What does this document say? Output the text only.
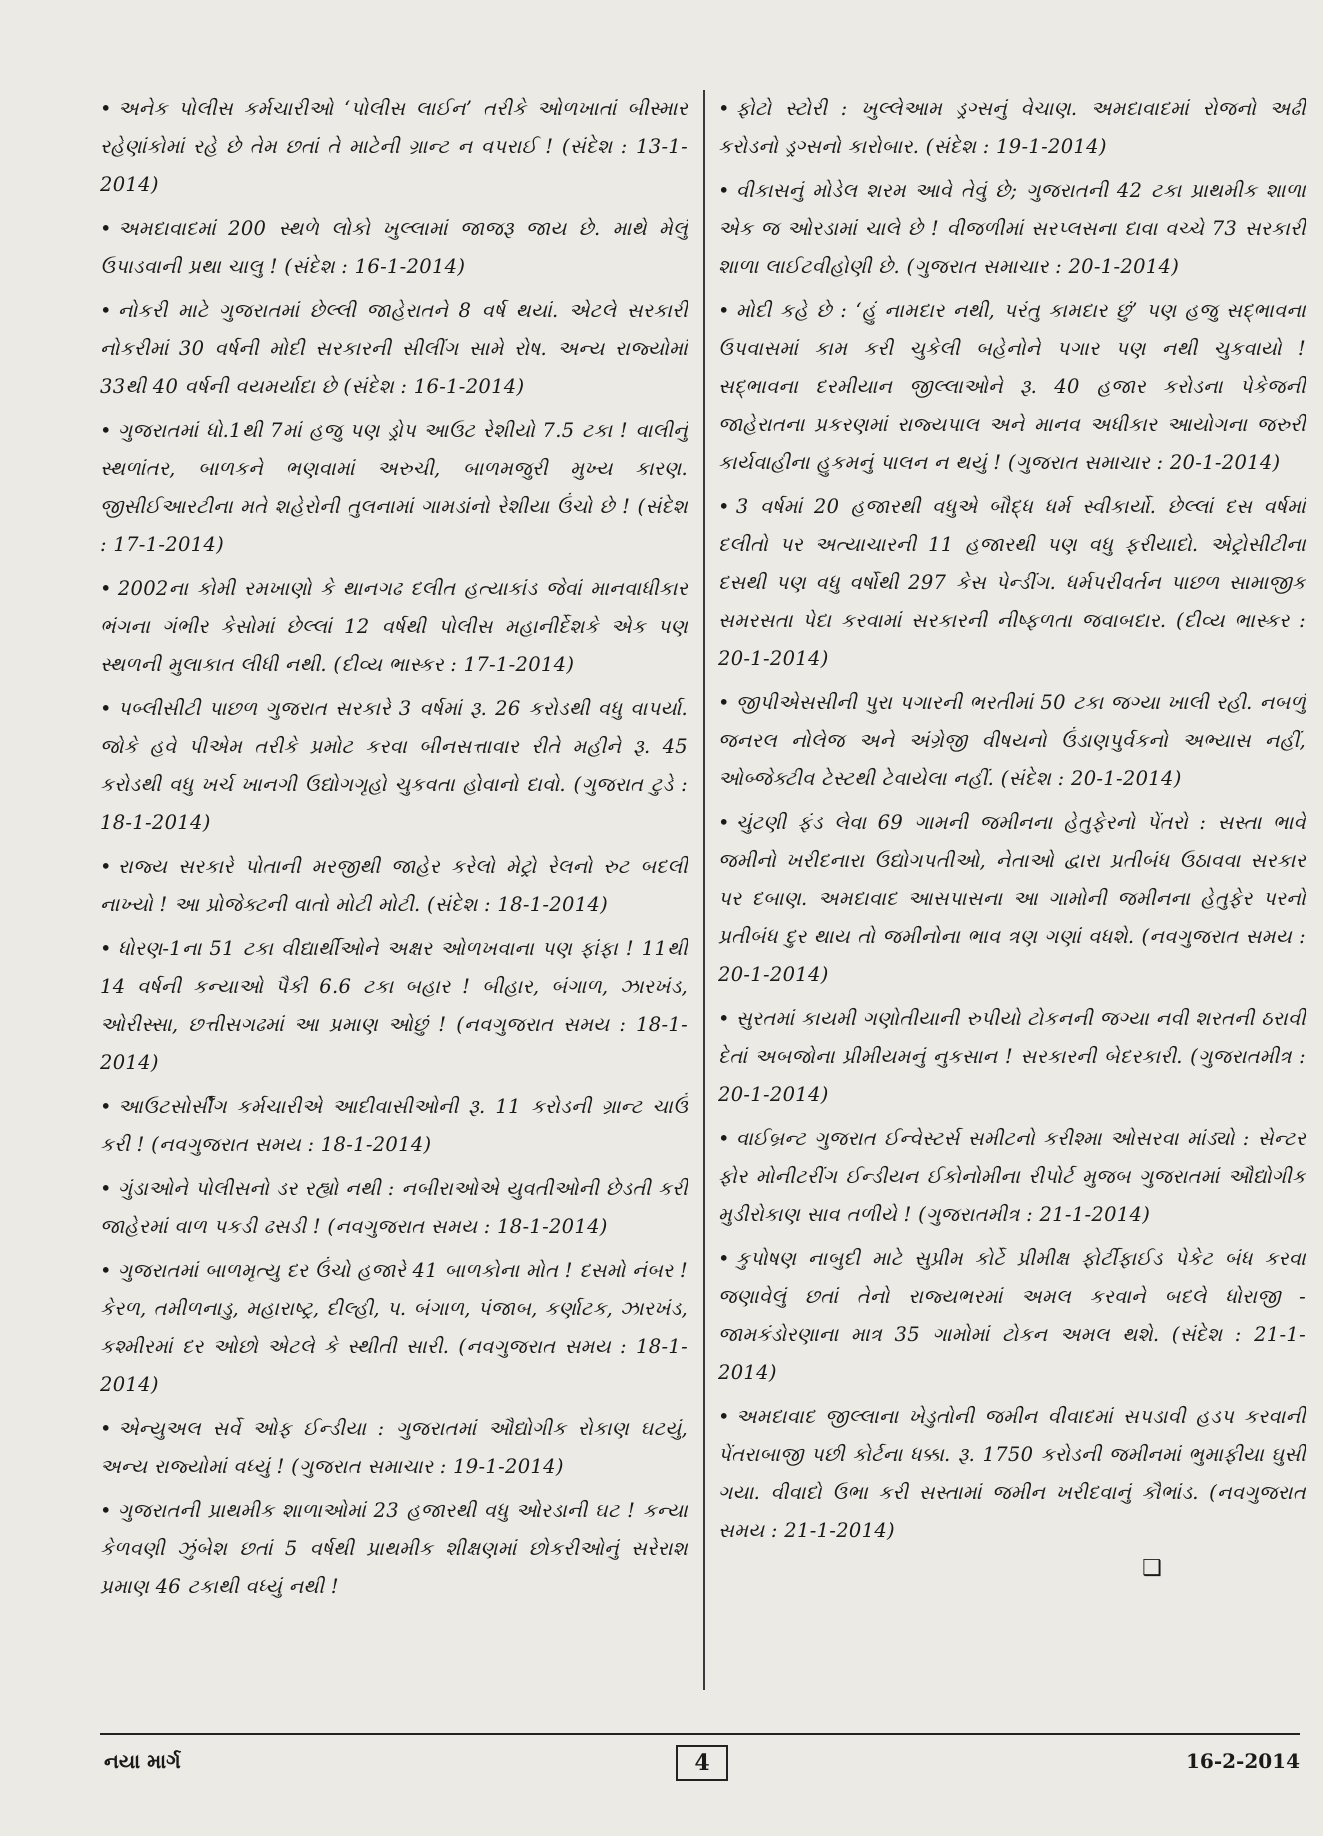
• અનેક પોલીસ કર્મચારીઓ ‘પોલીસ લાઈન’ તરીકે ઓળખાતાં બીસ્માર રહેણાંકોમાં રહે છે તેમ છતાં તે માટેની ગ્રાન્ટ ન વપરાઈ ! (સંદેશ : 13-1-2014)

• અમદાવાદમાં 200 સ્થળે લોકો ખુલ્લામાં જાજરૂ જાય છે. માથે મેલું ઉપાડવાની પ્રથા ચાલુ ! (સંદેશ : 16-1-2014)

• નોકરી માટે ગુજરાતમાં છેલ્લી જાહેરાતને 8 વર્ષ થયાં. એટલે સરકારી નોકરીમાં 30 વર્ષની મોદી સરકારની સીલીંગ સામે રોષ. અન્ય રાજ્યોમાં 33થી 40 વર્ષની વયમર્યાદા છે (સંદેશ : 16-1-2014)

• ગુજરાતમાં ધો.1થી 7માં હજુ પણ ડ્રોપ આઉટ રેશીયો 7.5 ટકા ! વાલીનું સ્થળાંતર, બાળકને ભણવામાં અરુચી, બાળમજુરી મુખ્ય કારણ. જીસીઈઆરટીના મતે શહેરોની તુલનામાં ગામડાંનો રેશીયા ઉંચો છે ! (સંદેશ : 17-1-2014)

• 2002ના કોમી રમખાણો કે થાનગઢ દલીત હત્યાકાંડ જેવાં માનવાધીકાર ભંગના ગંભીર કેસોમાં છેલ્લાં 12 વર્ષથી પોલીસ મહાનીર્દેશકે એક પણ સ્થળની મુલાકાત લીધી નથી. (દીવ્ય ભાસ્કર : 17-1-2014)

• પબ્લીસીટી પાછળ ગુજરાત સરકારે 3 વર્ષમાં રૂ. 26 કરોડથી વધુ વાપર્યા. જોકે હવે પીએમ તરીકે પ્રમોટ કરવા બીનસત્તાવાર રીતે મહીને રૂ. 45 કરોડથી વધુ ખર્ચ ખાનગી ઉદ્યોગગૃહો ચુકવતા હોવાનો દાવો. (ગુજરાત ટુડે : 18-1-2014)

• રાજ્ય સરકારે પોતાની મરજીથી જાહેર કરેલો મેટ્રો રેલનો રુટ બદલી નાખ્યો ! આ પ્રોજેક્ટની વાતો મોટી મોટી. (સંદેશ : 18-1-2014)

• ધોરણ-1ના 51 ટકા વીદ્યાર્થીઓને અક્ષર ઓળખવાના પણ ફાંફા ! 11થી 14 વર્ષની કન્યાઓ પૈકી 6.6 ટકા બહાર ! બીહાર, બંગાળ, ઝારખંડ, ઓરીસ્સા, છત્તીસગઢમાં આ પ્રમાણ ઓછું ! (નવગુજરાત સમય : 18-1-2014)

• આઉટસોર્સીંગ કર્મચારીએ આદીવાસીઓની રૂ. 11 કરોડની ગ્રાન્ટ ચાઉં કરી ! (નવગુજરાત સમય : 18-1-2014)

• ગુંડાઓને પોલીસનો ડર રહ્યો નથી : નબીરાઓએ યુવતીઓની છેડતી કરી જાહેરમાં વાળ પકડી ઢસડી ! (નવગુજરાત સમય : 18-1-2014)

• ગુજરાતમાં બાળમૃત્યુ દર ઉંચો હજારે 41 બાળકોના મોત ! દસમો નંબર ! કેરળ, તમીળનાડુ, મહારાષ્ટ્ર, દીલ્હી, પ. બંગાળ, પંજાબ, કર્ણાટક, ઝારખંડ, કશ્મીરમાં દર ઓછો એટલે કે સ્થીતી સારી. (નવગુજરાત સમય : 18-1-2014)

• એન્યુઅલ સર્વે ઓફ ઈન્ડીયા : ગુજરાતમાં ઔદ્યોગીક રોકાણ ઘટયું, અન્ય રાજ્યોમાં વધ્યું ! (ગુજરાત સમાચાર : 19-1-2014)

• ગુજરાતની પ્રાથમીક શાળાઓમાં 23 હજારથી વધુ ઓરડાની ઘટ ! કન્યા કેળવણી ઝુંબેશ છતાં 5 વર્ષથી પ્રાથમીક શીક્ષણમાં છોકરીઓનું સરેરાશ પ્રમાણ 46 ટકાથી વધ્યું નથી !

• ફોટો સ્ટોરી : ખુલ્લેઆમ ડ્રગ્સનું વેચાણ. અમદાવાદમાં રોજનો અઢી કરોડનો ડ્રગ્સનો કારોબાર. (સંદેશ : 19-1-2014)

• વીકાસનું મોડેલ શરમ આવે તેવું છે; ગુજરાતની 42 ટકા પ્રાથમીક શાળા એક જ ઓરડામાં ચાલે છે ! વીજળીમાં સરપ્લસના દાવા વચ્ચે 73 સરકારી શાળા લાઈટવીહોણી છે. (ગુજરાત સમાચાર : 20-1-2014)

• મોદી કહે છે : ‘હું નામદાર નથી, પરંતુ કામદાર છું’ પણ હજુ સદ્ભાવના ઉપવાસમાં કામ કરી ચુકેલી બહેનોને પગાર પણ નથી ચુકવાયો ! સદ્ભાવના દરમીયાન જીલ્લાઓને રૂ. 40 હજાર કરોડના પેકેજની જાહેરાતના પ્રકરણમાં રાજ્યપાલ અને માનવ અધીકાર આયોગના જરુરી કાર્યવાહીના હુકમનું પાલન ન થયું ! (ગુજરાત સમાચાર : 20-1-2014)

• 3 વર્ષમાં 20 હજારથી વધુએ બૌદ્ધ ધર્મ સ્વીકાર્યો. છેલ્લાં દસ વર્ષમાં દલીતો પર અત્યાચારની 11 હજારથી પણ વધુ ફરીયાદો. એટ્રોસીટીના દસથી પણ વધુ વર્ષોથી 297 કેસ પેન્ડીંગ. ધર્મપરીવર્તન પાછળ સામાજીક સમરસતા પેદા કરવામાં સરકારની નીષ્ફળતા જવાબદાર. (દીવ્ય ભાસ્કર : 20-1-2014)

• જીપીએસસીની પુરા પગારની ભરતીમાં 50 ટકા જગ્યા ખાલી રહી. નબળું જનરલ નોલેજ અને અંગ્રેજી વીષયનો ઉંડાણપુર્વકનો અભ્યાસ નહીં, ઓબ્જેક્ટીવ ટેસ્ટથી ટેવાયેલા નહીં. (સંદેશ : 20-1-2014)

• ચુંટણી ફંડ લેવા 69 ગામની જમીનના હેતુફેરનો પેંતરો : સસ્તા ભાવે જમીનો ખરીદનારા ઉદ્યોગપતીઓ, નેતાઓ દ્વારા પ્રતીબંધ ઉઠાવવા સરકાર પર દબાણ. અમદાવાદ આસપાસના આ ગામોની જમીનના હેતુફેર પરનો પ્રતીબંધ દુર થાય તો જમીનોના ભાવ ત્રણ ગણાં વધશે. (નવગુજરાત સમય : 20-1-2014)

• સુરતમાં કાયમી ગણોતીયાની રુપીયો ટોકનની જગ્યા નવી શરતની ઠરાવી દેતાં અબજોના પ્રીમીયમનું નુકસાન ! સરકારની બેદરકારી. (ગુજરાતમીત્ર : 20-1-2014)

• વાઈબ્રન્ટ ગુજરાત ઈન્વેસ્ટર્સ સમીટનો કરીશ્મા ઓસરવા માંડ્યો : સેન્ટર ફોર મોનીટરીંગ ઈન્ડીયન ઈકોનોમીના રીપોર્ટ મુજબ ગુજરાતમાં ઔદ્યોગીક મુડીરોકાણ સાવ તળીયે ! (ગુજરાતમીત્ર : 21-1-2014)

• કુપોષણ નાબુદી માટે સુપ્રીમ કોર્ટે પ્રીમીક્ષ ફોર્ટીફાઈડ પેકેટ બંધ કરવા જણાવેલું છતાં તેનો રાજ્યભરમાં અમલ કરવાને બદલે ધોરાજી - જામકંડોરણાના માત્ર 35 ગામોમાં ટોકન અમલ થશે. (સંદેશ : 21-1-2014)

• અમદાવાદ જીલ્લાના ખેડુતોની જમીન વીવાદમાં સપડાવી હડપ કરવાની પેંતરાબાજી પછી કોર્ટના ધક્કા. રૂ. 1750 કરોડની જમીનમાં ભુમાફીયા ઘુસી ગયા. વીવાદો ઉભા કરી સસ્તામાં જમીન ખરીદવાનું કૌભાંડ. (નવગુજરાત સમય : 21-1-2014)

❑
નયા માર્ગ	4	16-2-2014
